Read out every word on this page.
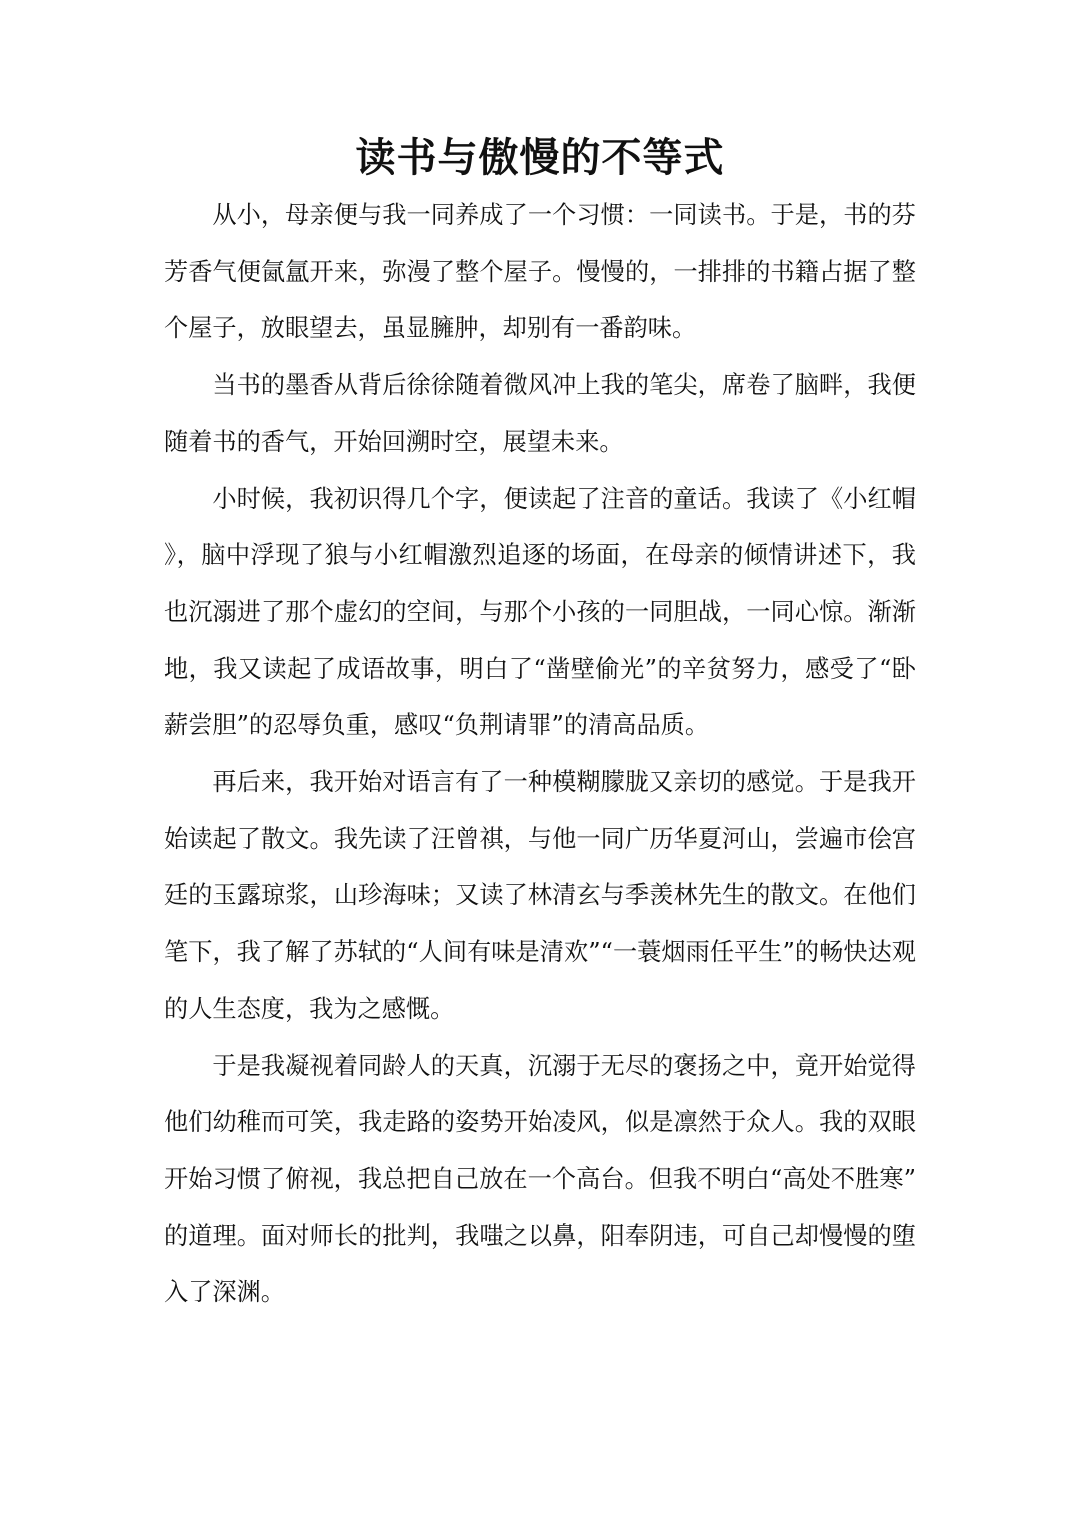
读书与傲慢的不等式

从小，母亲便与我一同养成了一个习惯：一同读书。于是，书的芬芳香气便氤氲开来，弥漫了整个屋子。慢慢的，一排排的书籍占据了整个屋子，放眼望去，虽显臃肿，却别有一番韵味。

当书的墨香从背后徐徐随着微风冲上我的笔尖，席卷了脑畔，我便随着书的香气，开始回溯时空，展望未来。

小时候，我初识得几个字，便读起了注音的童话。我读了《小红帽》，脑中浮现了狼与小红帽激烈追逐的场面，在母亲的倾情讲述下，我也沉溺进了那个虚幻的空间，与那个小孩的一同胆战，一同心惊。渐渐地，我又读起了成语故事，明白了“凿壁偷光”的辛贫努力，感受了“卧薪尝胆”的忍辱负重，感叹“负荆请罪”的清高品质。

再后来，我开始对语言有了一种模糊朦胧又亲切的感觉。于是我开始读起了散文。我先读了汪曾祺，与他一同广历华夏河山，尝遍市侩宫廷的玉露琼浆，山珍海味；又读了林清玄与季羡林先生的散文。在他们笔下，我了解了苏轼的“人间有味是清欢”“一蓑烟雨任平生”的畅快达观的人生态度，我为之感慨。

于是我凝视着同龄人的天真，沉溺于无尽的褒扬之中，竟开始觉得他们幼稚而可笑，我走路的姿势开始凌风，似是凛然于众人。我的双眼开始习惯了俯视，我总把自己放在一个高台。但我不明白“高处不胜寒”的道理。面对师长的批判，我嗤之以鼻，阳奉阴违，可自己却慢慢的堕入了深渊。
